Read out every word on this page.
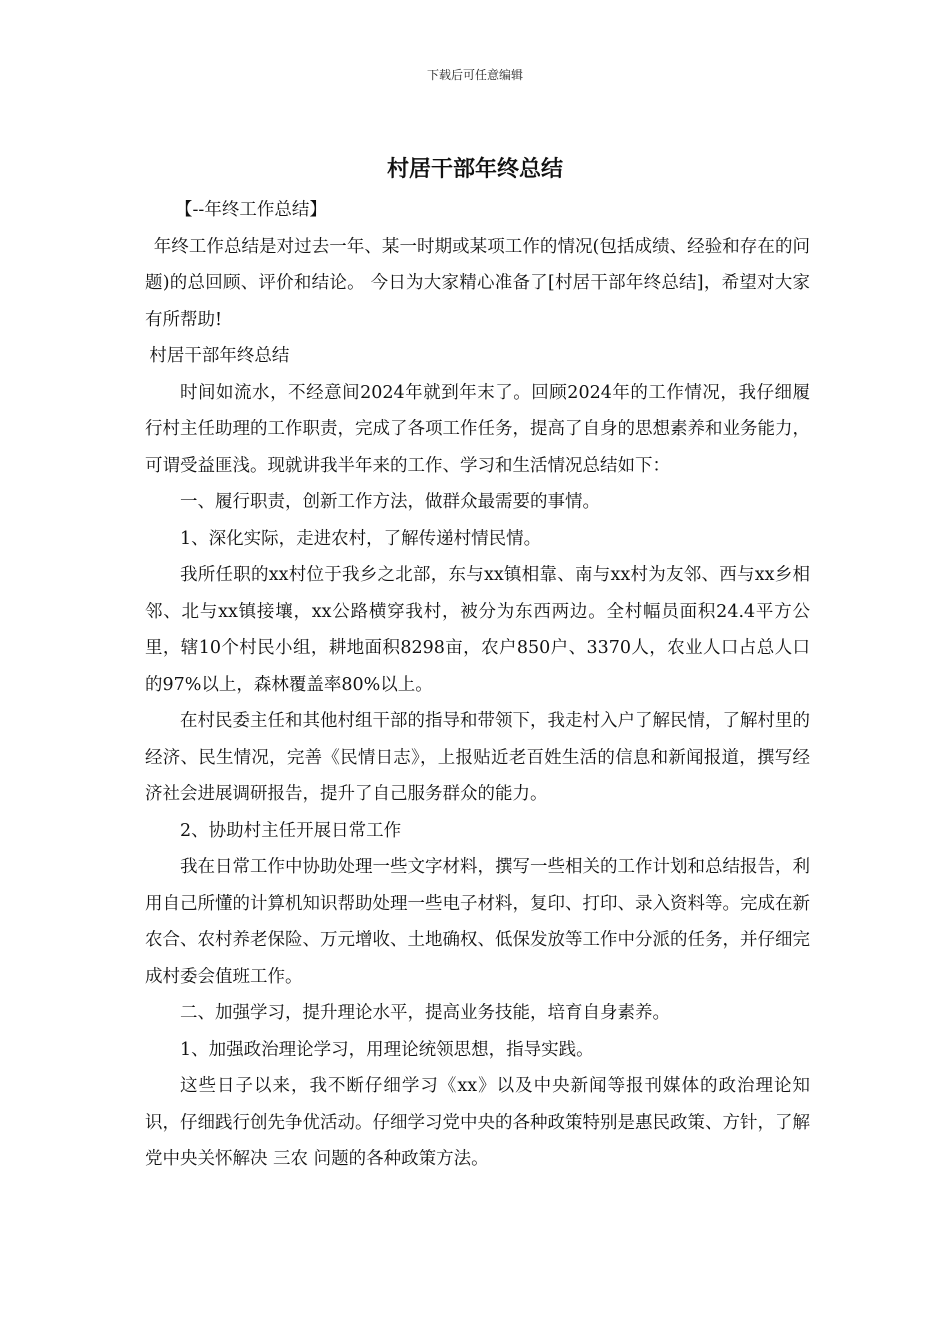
下载后可任意编辑
村居干部年终总结

【--年终工作总结】

年终工作总结是对过去一年、某一时期或某项工作的情况(包括成绩、经验和存在的问题)的总回顾、评价和结论。 今日为大家精心准备了[村居干部年终总结]，希望对大家有所帮助!

村居干部年终总结

时间如流水，不经意间2024年就到年末了。回顾2024年的工作情况，我仔细履行村主任助理的工作职责，完成了各项工作任务，提高了自身的思想素养和业务能力，可谓受益匪浅。现就讲我半年来的工作、学习和生活情况总结如下：

一、履行职责，创新工作方法，做群众最需要的事情。

1、深化实际，走进农村，了解传递村情民情。

我所任职的xx村位于我乡之北部，东与xx镇相靠、南与xx村为友邻、西与xx乡相邻、北与xx镇接壤，xx公路横穿我村，被分为东西两边。全村幅员面积24.4平方公里，辖10个村民小组，耕地面积8298亩，农户850户、3370人，农业人口占总人口的97%以上，森林覆盖率80%以上。

在村民委主任和其他村组干部的指导和带领下，我走村入户了解民情，了解村里的经济、民生情况，完善《民情日志》，上报贴近老百姓生活的信息和新闻报道，撰写经济社会进展调研报告，提升了自己服务群众的能力。

2、协助村主任开展日常工作

我在日常工作中协助处理一些文字材料，撰写一些相关的工作计划和总结报告，利用自己所懂的计算机知识帮助处理一些电子材料，复印、打印、录入资料等。完成在新农合、农村养老保险、万元增收、土地确权、低保发放等工作中分派的任务，并仔细完成村委会值班工作。

二、加强学习，提升理论水平，提高业务技能，培育自身素养。

1、加强政治理论学习，用理论统领思想，指导实践。

这些日子以来，我不断仔细学习《xx》以及中央新闻等报刊媒体的政治理论知识，仔细践行创先争优活动。仔细学习党中央的各种政策特别是惠民政策、方针，了解党中央关怀解决 三农 问题的各种政策方法。
